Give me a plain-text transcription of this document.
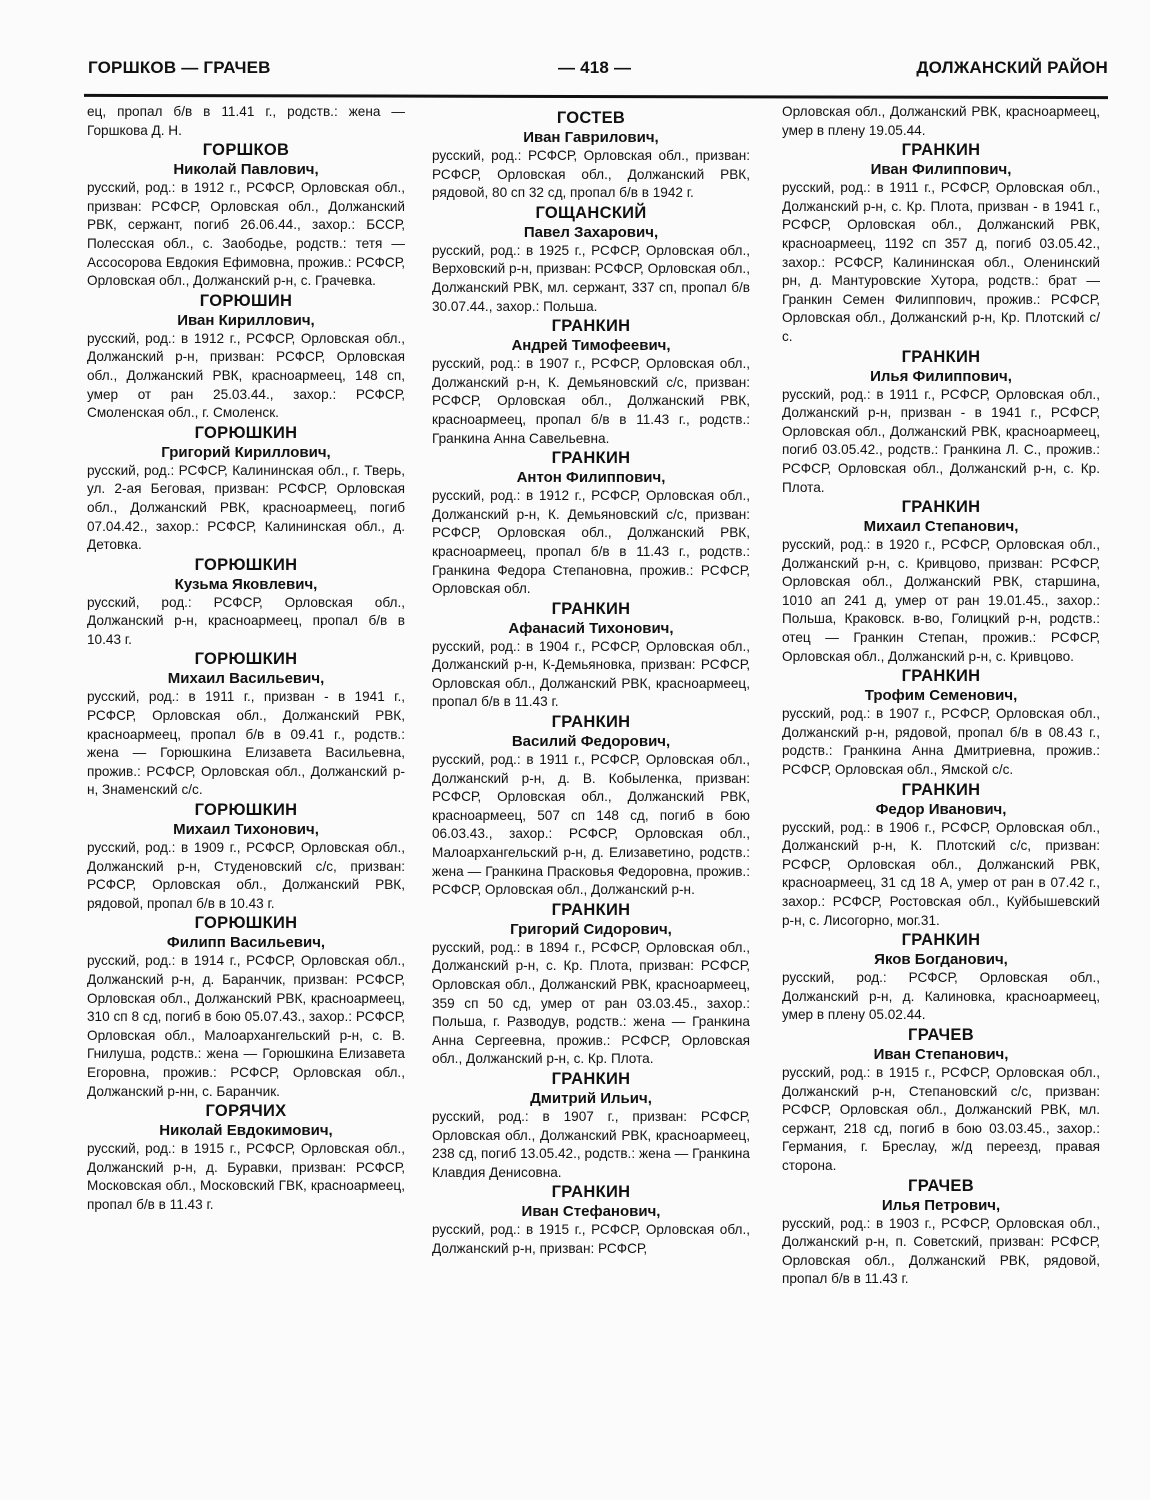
ГОРШКОВ — ГРАЧЕВ	— 418 —	ДОЛЖАНСКИЙ РАЙОН

ец, пропал б/в в 11.41 г., родств.: жена — Горшкова Д. Н.

ГОРШКОВ
Николай Павлович,

русский, род.: в 1912 г., РСФСР, Орловская обл., призван: РСФСР, Орловская обл., Должанский РВК, сержант, погиб 26.06.44., захор.: БССР, Полесская обл., с. Заободье, родств.: тетя — Ассосорова Евдокия Ефимовна, прожив.: РСФСР, Орловская обл., Должанский р-н, с. Грачевка.

ГОРЮШИН
Иван Кириллович,

русский, род.: в 1912 г., РСФСР, Орловская обл., Должанский р-н, призван: РСФСР, Орловская обл., Должанский РВК, красноармеец, 148 сп, умер от ран 25.03.44., захор.: РСФСР, Смоленская обл., г. Смоленск.

ГОРЮШКИН
Григорий Кириллович,

русский, род.: РСФСР, Калининская обл., г. Тверь, ул. 2-ая Беговая, призван: РСФСР, Орловская обл., Должанский РВК, красноармеец, погиб 07.04.42., захор.: РСФСР, Калининская обл., д. Детовка.

ГОРЮШКИН
Кузьма Яковлевич,

русский, род.: РСФСР, Орловская обл., Должанский р-н, красноармеец, пропал б/в в 10.43 г.

ГОРЮШКИН
Михаил Васильевич,

русский, род.: в 1911 г., призван - в 1941 г., РСФСР, Орловская обл., Должанский РВК, красноармеец, пропал б/в в 09.41 г., родств.: жена — Горюшкина Елизавета Васильевна, прожив.: РСФСР, Орловская обл., Должанский р-н, Знаменский с/с.

ГОРЮШКИН
Михаил Тихонович,

русский, род.: в 1909 г., РСФСР, Орловская обл., Должанский р-н, Студеновский с/с, призван: РСФСР, Орловская обл., Должанский РВК, рядовой, пропал б/в в 10.43 г.

ГОРЮШКИН
Филипп Васильевич,

русский, род.: в 1914 г., РСФСР, Орловская обл., Должанский р-н, д. Баранчик, призван: РСФСР, Орловская обл., Должанский РВК, красноармеец, 310 сп 8 сд, погиб в бою 05.07.43., захор.: РСФСР, Орловская обл., Малоархангельский р-н, с. В. Гнилуша, родств.: жена — Горюшкина Елизавета Егоровна, прожив.: РСФСР, Орловская обл., Должанский р-нн, с. Баранчик.

ГОРЯЧИХ
Николай Евдокимович,

русский, род.: в 1915 г., РСФСР, Орловская обл., Должанский р-н, д. Буравки, призван: РСФСР, Московская обл., Московский ГВК, красноармеец, пропал б/в в 11.43 г.

ГОСТЕВ
Иван Гаврилович,

русский, род.: РСФСР, Орловская обл., призван: РСФСР, Орловская обл., Должанский РВК, рядовой, 80 сп 32 сд, пропал б/в в 1942 г.

ГОЩАНСКИЙ
Павел Захарович,

русский, род.: в 1925 г., РСФСР, Орловская обл., Верховский р-н, призван: РСФСР, Орловская обл., Должанский РВК, мл. сержант, 337 сп, пропал б/в 30.07.44., захор.: Польша.

ГРАНКИН
Андрей Тимофеевич,

русский, род.: в 1907 г., РСФСР, Орловская обл., Должанский р-н, К. Демьяновский с/с, призван: РСФСР, Орловская обл., Должанский РВК, красноармеец, пропал б/в в 11.43 г., родств.: Гранкина Анна Савельевна.

ГРАНКИН
Антон Филиппович,

русский, род.: в 1912 г., РСФСР, Орловская обл., Должанский р-н, К. Демьяновский с/с, призван: РСФСР, Орловская обл., Должанский РВК, красноармеец, пропал б/в в 11.43 г., родств.: Гранкина Федора Степановна, прожив.: РСФСР, Орловская обл.

ГРАНКИН
Афанасий Тихонович,

русский, род.: в 1904 г., РСФСР, Орловская обл., Должанский р-н, К-Демьяновка, призван: РСФСР, Орловская обл., Должанский РВК, красноармеец, пропал б/в в 11.43 г.

ГРАНКИН
Василий Федорович,

русский, род.: в 1911 г., РСФСР, Орловская обл., Должанский р-н, д. В. Кобыленка, призван: РСФСР, Орловская обл., Должанский РВК, красноармеец, 507 сп 148 сд, погиб в бою 06.03.43., захор.: РСФСР, Орловская обл., Малоархангельский р-н, д. Елизаветино, родств.: жена — Гранкина Прасковья Федоровна, прожив.: РСФСР, Орловская обл., Должанский р-н.

ГРАНКИН
Григорий Сидорович,

русский, род.: в 1894 г., РСФСР, Орловская обл., Должанский р-н, с. Кр. Плота, призван: РСФСР, Орловская обл., Должанский РВК, красноармеец, 359 сп 50 сд, умер от ран 03.03.45., захор.: Польша, г. Разводув, родств.: жена — Гранкина Анна Сергеевна, прожив.: РСФСР, Орловская обл., Должанский р-н, с. Кр. Плота.

ГРАНКИН
Дмитрий Ильич,

русский, род.: в 1907 г., призван: РСФСР, Орловская обл., Должанский РВК, красноармеец, 238 сд, погиб 13.05.42., родств.: жена — Гранкина Клавдия Денисовна.

ГРАНКИН
Иван Стефанович,

русский, род.: в 1915 г., РСФСР, Орловская обл., Должанский р-н, призван: РСФСР,

Орловская обл., Должанский РВК, красноармеец, умер в плену 19.05.44.

ГРАНКИН
Иван Филиппович,

русский, род.: в 1911 г., РСФСР, Орловская обл., Должанский р-н, с. Кр. Плота, призван - в 1941 г., РСФСР, Орловская обл., Должанский РВК, красноармеец, 1192 сп 357 д, погиб 03.05.42., захор.: РСФСР, Калининская обл., Оленинский рн, д. Мантуровские Хутора, родств.: брат — Гранкин Семен Филиппович, прожив.: РСФСР, Орловская обл., Должанский р-н, Кр. Плотский с/с.

ГРАНКИН
Илья Филиппович,

русский, род.: в 1911 г., РСФСР, Орловская обл., Должанский р-н, призван - в 1941 г., РСФСР, Орловская обл., Должанский РВК, красноармеец, погиб 03.05.42., родств.: Гранкина Л. С., прожив.: РСФСР, Орловская обл., Должанский р-н, с. Кр. Плота.

ГРАНКИН
Михаил Степанович,

русский, род.: в 1920 г., РСФСР, Орловская обл., Должанский р-н, с. Кривцово, призван: РСФСР, Орловская обл., Должанский РВК, старшина, 1010 ап 241 д, умер от ран 19.01.45., захор.: Польша, Краковск. в-во, Голицкий р-н, родств.: отец — Гранкин Степан, прожив.: РСФСР, Орловская обл., Должанский р-н, с. Кривцово.

ГРАНКИН
Трофим Семенович,

русский, род.: в 1907 г., РСФСР, Орловская обл., Должанский р-н, рядовой, пропал б/в в 08.43 г., родств.: Гранкина Анна Дмитриевна, прожив.: РСФСР, Орловская обл., Ямской с/с.

ГРАНКИН
Федор Иванович,

русский, род.: в 1906 г., РСФСР, Орловская обл., Должанский р-н, К. Плотский с/с, призван: РСФСР, Орловская обл., Должанский РВК, красноармеец, 31 сд 18 А, умер от ран в 07.42 г., захор.: РСФСР, Ростовская обл., Куйбышевский р-н, с. Лисогорно, мог.31.

ГРАНКИН
Яков Богданович,

русский, род.: РСФСР, Орловская обл., Должанский р-н, д. Калиновка, красноармеец, умер в плену 05.02.44.

ГРАЧЕВ
Иван Степанович,

русский, род.: в 1915 г., РСФСР, Орловская обл., Должанский р-н, Степановский с/с, призван: РСФСР, Орловская обл., Должанский РВК, мл. сержант, 218 сд, погиб в бою 03.03.45., захор.: Германия, г. Бреслау, ж/д переезд, правая сторона.

ГРАЧЕВ
Илья Петрович,

русский, род.: в 1903 г., РСФСР, Орловская обл., Должанский р-н, п. Советский, призван: РСФСР, Орловская обл., Должанский РВК, рядовой, пропал б/в в 11.43 г.
